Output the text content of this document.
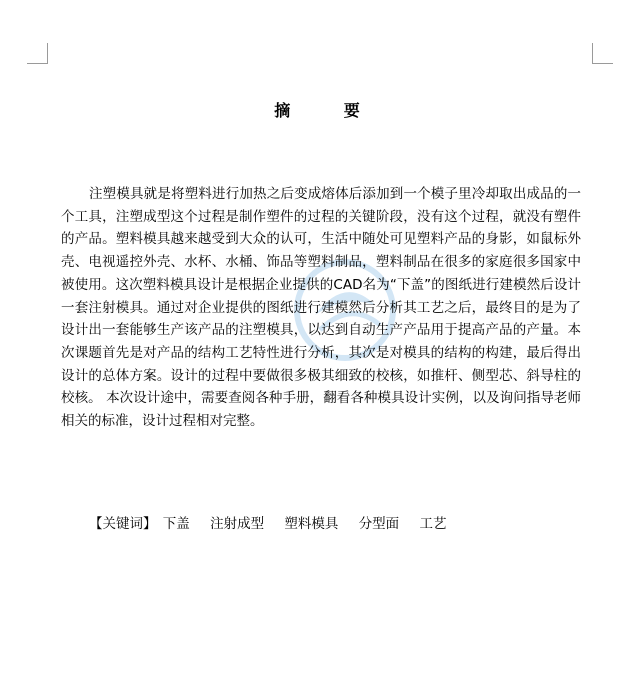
摘 要
注塑模具就是将塑料进行加热之后变成熔体后添加到一个模子里冷却取出成品的一个工具，注塑成型这个过程是制作塑件的过程的关键阶段，没有这个过程，就没有塑件的产品。塑料模具越来越受到大众的认可，生活中随处可见塑料产品的身影，如鼠标外壳、电视遥控外壳、水杯、水桶、饰品等塑料制品，塑料制品在很多的家庭很多国家中被使用。这次塑料模具设计是根据企业提供的CAD名为“下盖”的图纸进行建模然后设计一套注射模具。通过对企业提供的图纸进行建模然后分析其工艺之后，最终目的是为了设计出一套能够生产该产品的注塑模具，以达到自动生产产品用于提高产品的产量。本次课题首先是对产品的结构工艺特性进行分析，其次是对模具的结构的构建，最后得出设计的总体方案。设计的过程中要做很多极其细致的校核，如推杆、侧型芯、斜导柱的校核。 本次设计途中，需要查阅各种手册，翻看各种模具设计实例，以及询问指导老师相关的标准，设计过程相对完整。
【关键词】 下盖 注射成型 塑料模具 分型面 工艺
